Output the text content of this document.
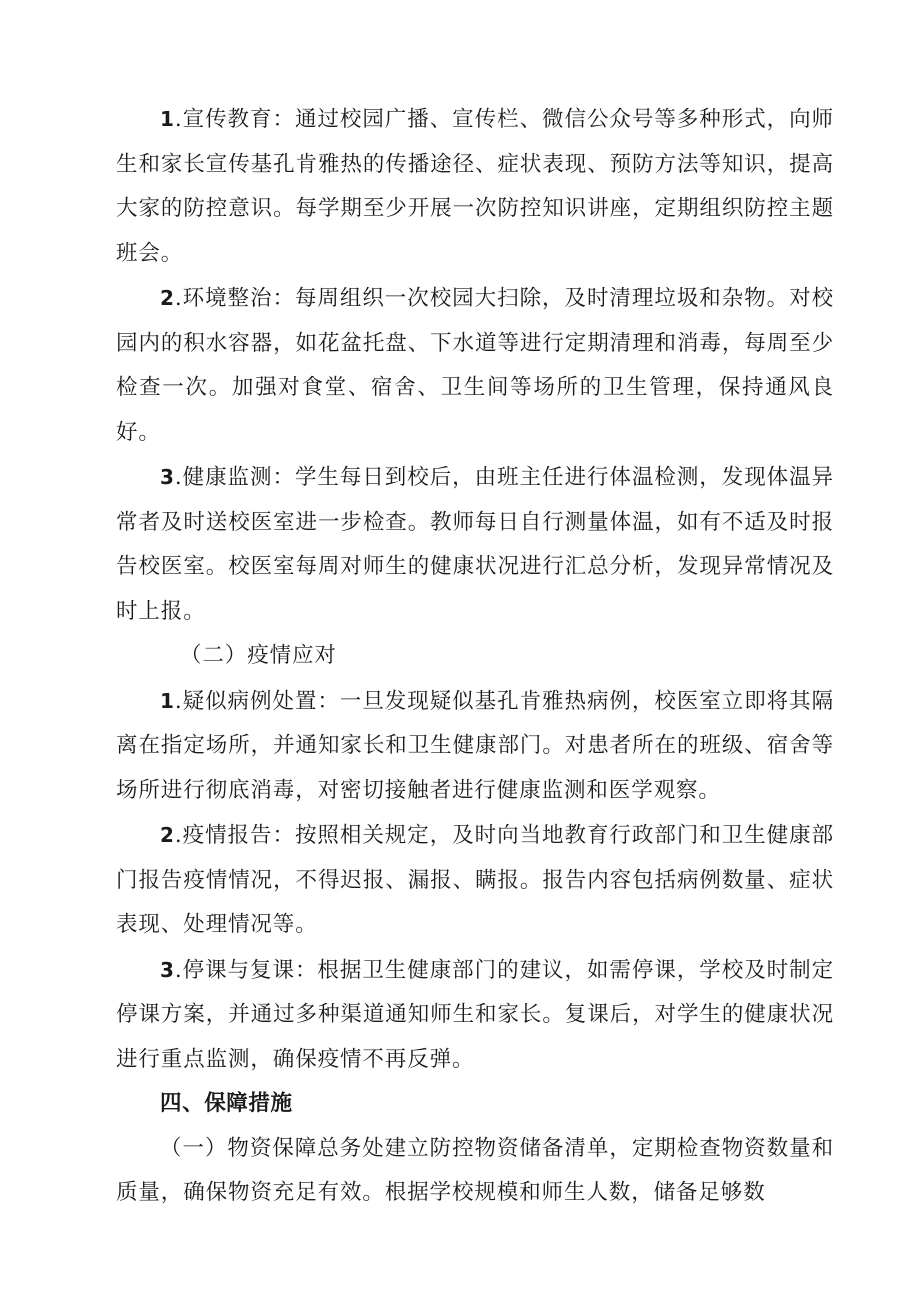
1.宣传教育：通过校园广播、宣传栏、微信公众号等多种形式，向师生和家长宣传基孔肯雅热的传播途径、症状表现、预防方法等知识，提高大家的防控意识。每学期至少开展一次防控知识讲座，定期组织防控主题班会。

2.环境整治：每周组织一次校园大扫除，及时清理垃圾和杂物。对校园内的积水容器，如花盆托盘、下水道等进行定期清理和消毒，每周至少检查一次。加强对食堂、宿舍、卫生间等场所的卫生管理，保持通风良好。

3.健康监测：学生每日到校后，由班主任进行体温检测，发现体温异常者及时送校医室进一步检查。教师每日自行测量体温，如有不适及时报告校医室。校医室每周对师生的健康状况进行汇总分析，发现异常情况及时上报。

（二）疫情应对

1.疑似病例处置：一旦发现疑似基孔肯雅热病例，校医室立即将其隔离在指定场所，并通知家长和卫生健康部门。对患者所在的班级、宿舍等场所进行彻底消毒，对密切接触者进行健康监测和医学观察。

2.疫情报告：按照相关规定，及时向当地教育行政部门和卫生健康部门报告疫情情况，不得迟报、漏报、瞒报。报告内容包括病例数量、症状表现、处理情况等。

3.停课与复课：根据卫生健康部门的建议，如需停课，学校及时制定停课方案，并通过多种渠道通知师生和家长。复课后，对学生的健康状况进行重点监测，确保疫情不再反弹。

四、保障措施

（一）物资保障总务处建立防控物资储备清单，定期检查物资数量和质量，确保物资充足有效。根据学校规模和师生人数，储备足够数
